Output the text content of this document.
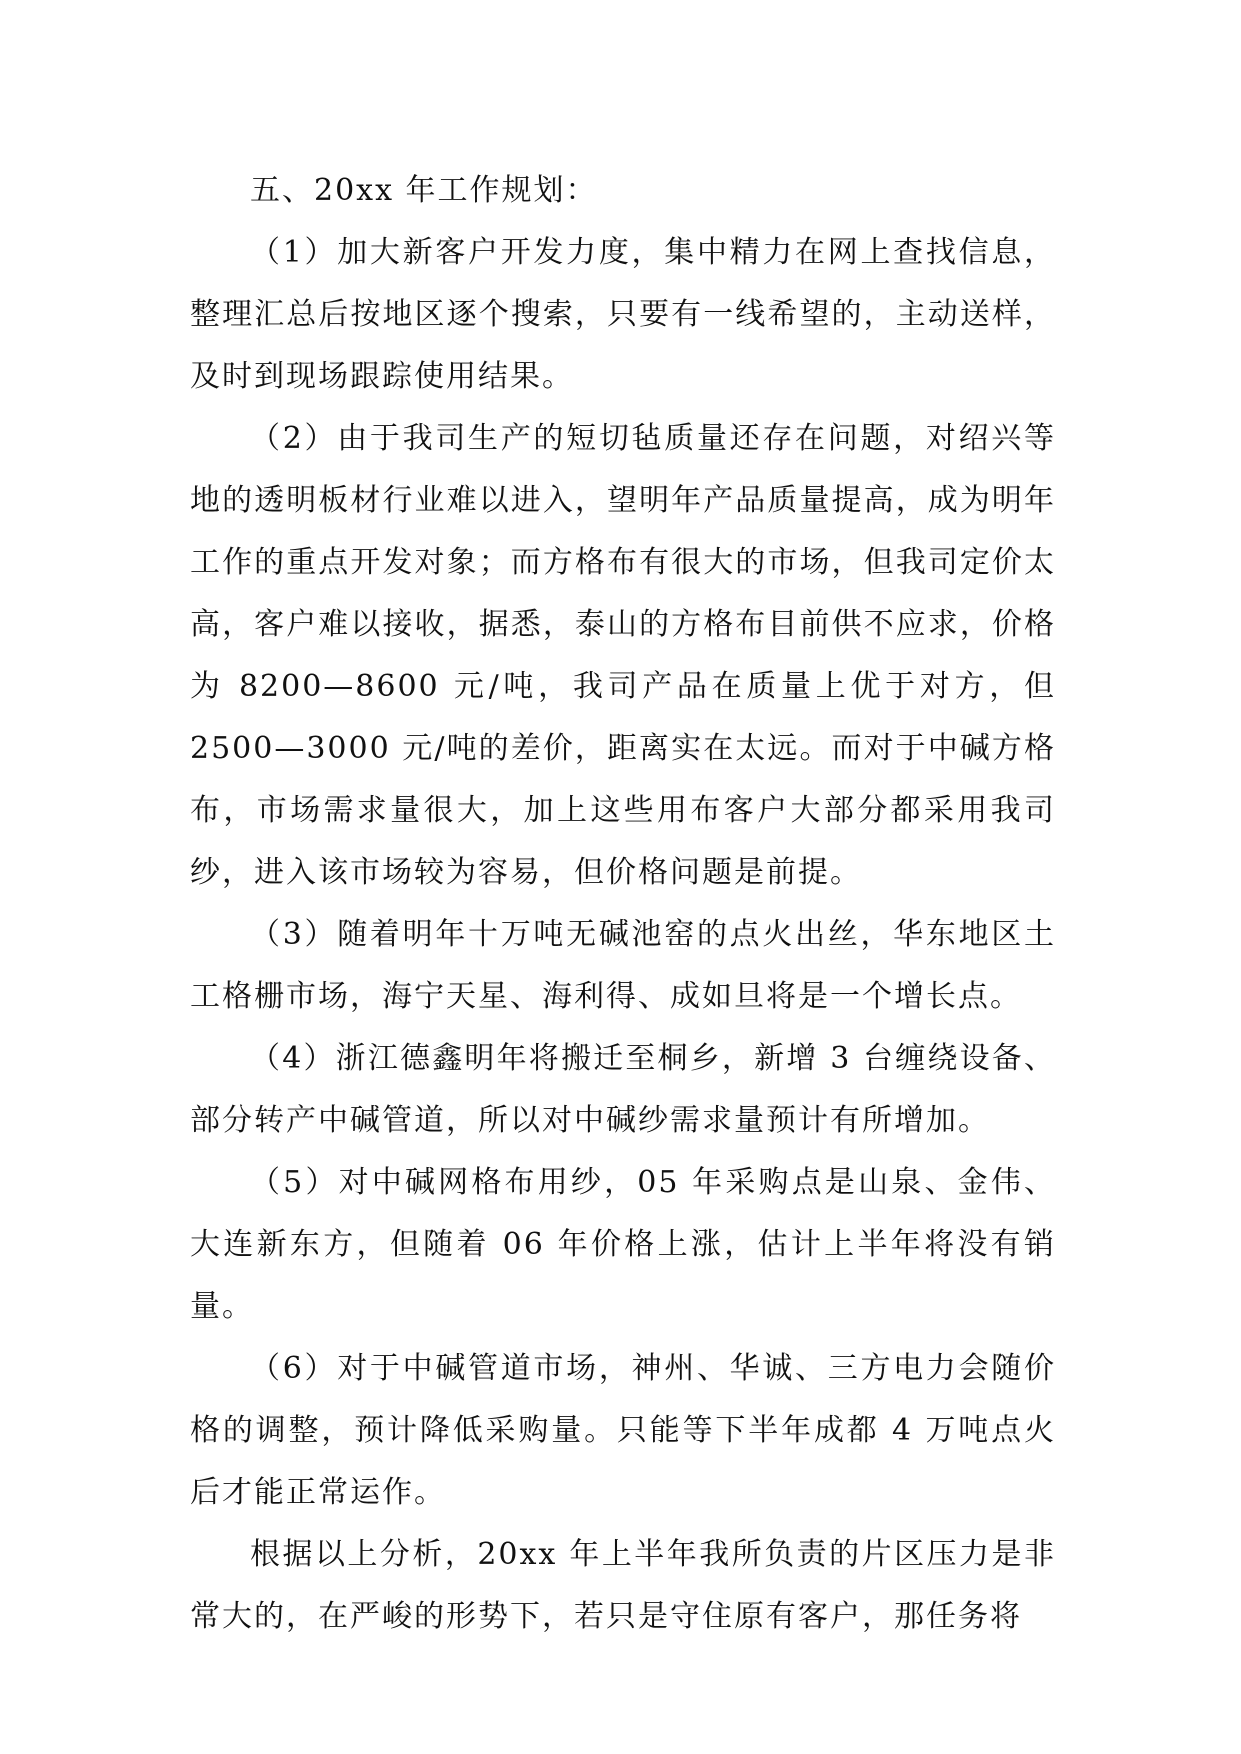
五、20xx 年工作规划：

（1）加大新客户开发力度，集中精力在网上查找信息，整理汇总后按地区逐个搜索，只要有一线希望的，主动送样，及时到现场跟踪使用结果。

（2）由于我司生产的短切毡质量还存在问题，对绍兴等地的透明板材行业难以进入，望明年产品质量提高，成为明年工作的重点开发对象；而方格布有很大的市场，但我司定价太高，客户难以接收，据悉，泰山的方格布目前供不应求，价格为 8200—8600 元/吨，我司产品在质量上优于对方，但 2500—3000 元/吨的差价，距离实在太远。而对于中碱方格布，市场需求量很大，加上这些用布客户大部分都采用我司纱，进入该市场较为容易，但价格问题是前提。

（3）随着明年十万吨无碱池窑的点火出丝，华东地区土工格栅市场，海宁天星、海利得、成如旦将是一个增长点。

（4）浙江德鑫明年将搬迁至桐乡，新增 3 台缠绕设备、部分转产中碱管道，所以对中碱纱需求量预计有所增加。

（5）对中碱网格布用纱，05 年采购点是山泉、金伟、大连新东方，但随着 06 年价格上涨，估计上半年将没有销量。

（6）对于中碱管道市场，神州、华诚、三方电力会随价格的调整，预计降低采购量。只能等下半年成都 4 万吨点火后才能正常运作。

根据以上分析，20xx 年上半年我所负责的片区压力是非常大的，在严峻的形势下，若只是守住原有客户，那任务将
